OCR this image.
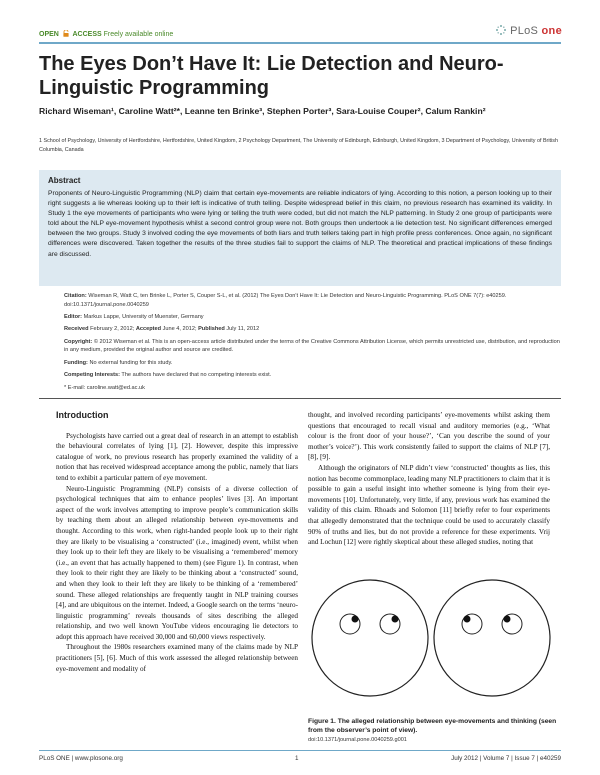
OPEN ACCESS Freely available online	PLoS one
The Eyes Don’t Have It: Lie Detection and Neuro-Linguistic Programming
Richard Wiseman¹, Caroline Watt²*, Leanne ten Brinke³, Stephen Porter³, Sara-Louise Couper², Calum Rankin²
1 School of Psychology, University of Hertfordshire, Hertfordshire, United Kingdom, 2 Psychology Department, The University of Edinburgh, Edinburgh, United Kingdom, 3 Department of Psychology, University of British Columbia, Canada
Abstract
Proponents of Neuro-Linguistic Programming (NLP) claim that certain eye-movements are reliable indicators of lying. According to this notion, a person looking up to their right suggests a lie whereas looking up to their left is indicative of truth telling. Despite widespread belief in this claim, no previous research has examined its validity. In Study 1 the eye movements of participants who were lying or telling the truth were coded, but did not match the NLP patterning. In Study 2 one group of participants were told about the NLP eye-movement hypothesis whilst a second control group were not. Both groups then undertook a lie detection test. No significant differences emerged between the two groups. Study 3 involved coding the eye movements of both liars and truth tellers taking part in high profile press conferences. Once again, no significant differences were discovered. Taken together the results of the three studies fail to support the claims of NLP. The theoretical and practical implications of these findings are discussed.

Citation: Wiseman R, Watt C, ten Brinke L, Porter S, Couper S-L, et al. (2012) The Eyes Don’t Have It: Lie Detection and Neuro-Linguistic Programming. PLoS ONE 7(7): e40259. doi:10.1371/journal.pone.0040259

Editor: Markus Lappe, University of Muenster, Germany

Received February 2, 2012; Accepted June 4, 2012; Published July 11, 2012

Copyright: © 2012 Wiseman et al. This is an open-access article distributed under the terms of the Creative Commons Attribution License, which permits unrestricted use, distribution, and reproduction in any medium, provided the original author and source are credited.

Funding: No external funding for this study.

Competing Interests: The authors have declared that no competing interests exist.

* E-mail: caroline.watt@ed.ac.uk

Introduction

Psychologists have carried out a great deal of research in an attempt to establish the behavioural correlates of lying [1], [2]. However, despite this impressive catalogue of work, no previous research has properly examined the validity of a notion that has received widespread acceptance among the public, namely that liars tend to exhibit a particular pattern of eye movement.

Neuro-Linguistic Programming (NLP) consists of a diverse collection of psychological techniques that aim to enhance peoples’ lives [3]. An important aspect of the work involves attempting to improve people’s communication skills by teaching them about an alleged relationship between eye-movements and thought. According to this work, when right-handed people look up to their right they are likely to be visualising a ‘constructed’ (i.e., imagined) event, whilst when they look up to their left they are likely to be visualising a ‘remembered’ memory (i.e., an event that has actually happened to them) (see Figure 1). In contrast, when they look to their right they are likely to be thinking about a ‘constructed’ sound, and when they look to their left they are likely to be thinking of a ‘remembered’ sound. These alleged relationships are frequently taught in NLP training courses [4], and are ubiquitous on the internet. Indeed, a Google search on the terms ‘neuro-linguistic programming’ reveals thousands of sites describing the alleged relationship, and two well known YouTube videos encouraging lie detectors to adopt this approach have received 30,000 and 60,000 views respectively.

Throughout the 1980s researchers examined many of the claims made by NLP practitioners [5], [6]. Much of this work assessed the alleged relationship between eye-movement and modality of

thought, and involved recording participants’ eye-movements whilst asking them questions that encouraged to recall visual and auditory memories (e.g., ‘What colour is the front door of your house?’, ‘Can you describe the sound of your mother’s voice?’). This work consistently failed to support the claims of NLP [7], [8], [9].

Although the originators of NLP didn’t view ‘constructed’ thoughts as lies, this notion has become commonplace, leading many NLP practitioners to claim that it is possible to gain a useful insight into whether someone is lying from their eye-movements [10]. Unfortunately, very little, if any, previous work has examined the validity of this claim. Rhoads and Solomon [11] briefly refer to four experiments that allegedly demonstrated that the technique could be used to accurately classify 90% of truths and lies, but do not provide a reference for these experiments. Vrij and Lochun [12] were rightly skeptical about these alleged studies, noting that

Figure 1. The alleged relationship between eye-movements and thinking (seen from the observer’s point of view).
doi:10.1371/journal.pone.0040259.g001
PLoS ONE | www.plosone.org	1	July 2012 | Volume 7 | Issue 7 | e40259
